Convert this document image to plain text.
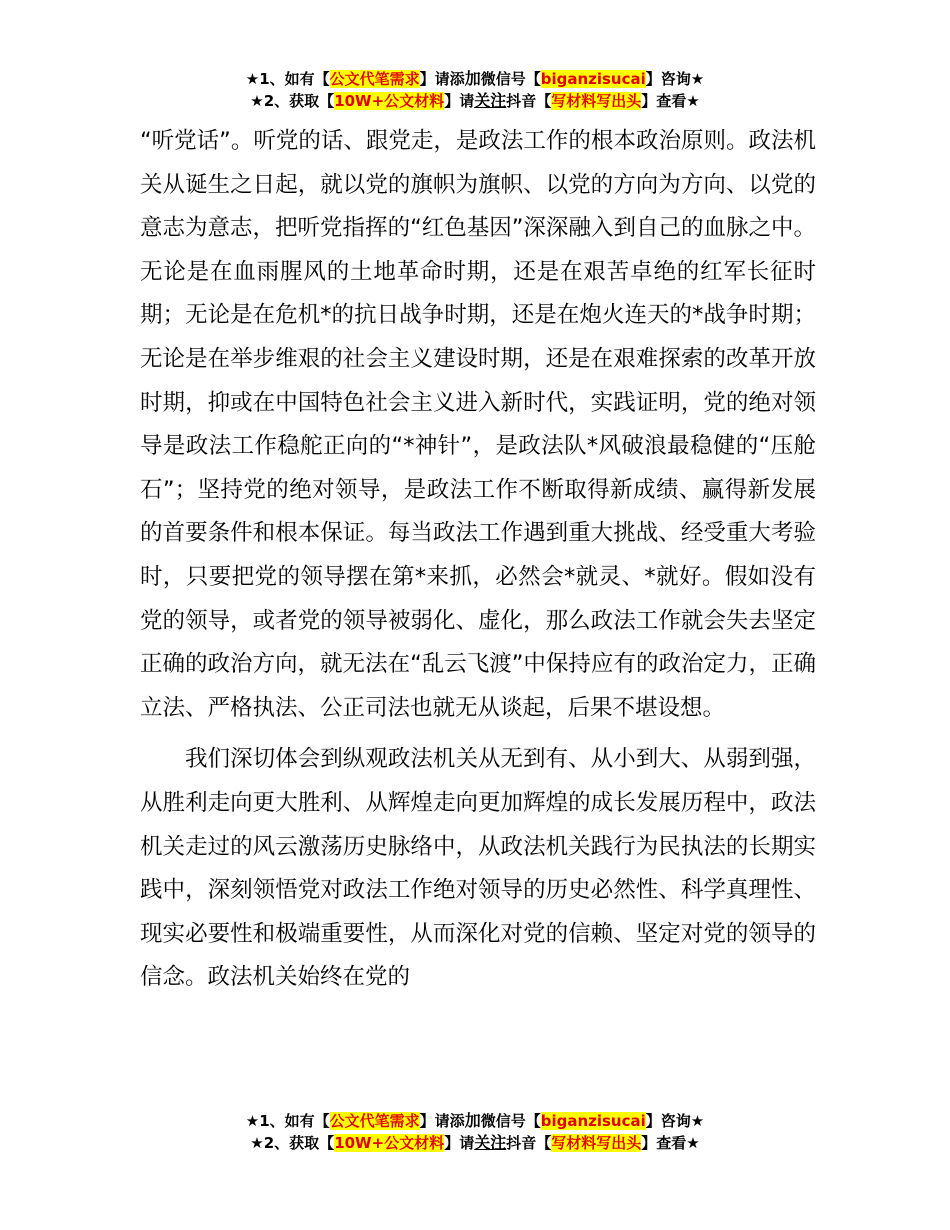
★1、如有【公文代笔需求】请添加微信号【biganzisucai】咨询★
★2、获取【10W+公文材料】请关注抖音【写材料写出头】查看★

“听党话”。听党的话、跟党走，是政法工作的根本政治原则。政法机关从诞生之日起，就以党的旗帜为旗帜、以党的方向为方向、以党的意志为意志，把听党指挥的“红色基因”深深融入到自己的血脉之中。无论是在血雨腥风的土地革命时期，还是在艰苦卓绝的红军长征时期；无论是在危机*的抗日战争时期，还是在炮火连天的*战争时期；无论是在举步维艰的社会主义建设时期，还是在艰难探索的改革开放时期，抑或在中国特色社会主义进入新时代，实践证明，党的绝对领导是政法工作稳舵正向的“*神针”，是政法队*风破浪最稳健的“压舱石”；坚持党的绝对领导，是政法工作不断取得新成绩、赢得新发展的首要条件和根本保证。每当政法工作遇到重大挑战、经受重大考验时，只要把党的领导摆在第*来抓，必然会*就灵、*就好。假如没有党的领导，或者党的领导被弱化、虚化，那么政法工作就会失去坚定正确的政治方向，就无法在“乱云飞渡”中保持应有的政治定力，正确立法、严格执法、公正司法也就无从谈起，后果不堪设想。

我们深切体会到纵观政法机关从无到有、从小到大、从弱到强，从胜利走向更大胜利、从辉煌走向更加辉煌的成长发展历程中，政法机关走过的风云激荡历史脉络中，从政法机关践行为民执法的长期实践中，深刻领悟党对政法工作绝对领导的历史必然性、科学真理性、现实必要性和极端重要性，从而深化对党的信赖、坚定对党的领导的信念。政法机关始终在党的

★1、如有【公文代笔需求】请添加微信号【biganzisucai】咨询★
★2、获取【10W+公文材料】请关注抖音【写材料写出头】查看★
